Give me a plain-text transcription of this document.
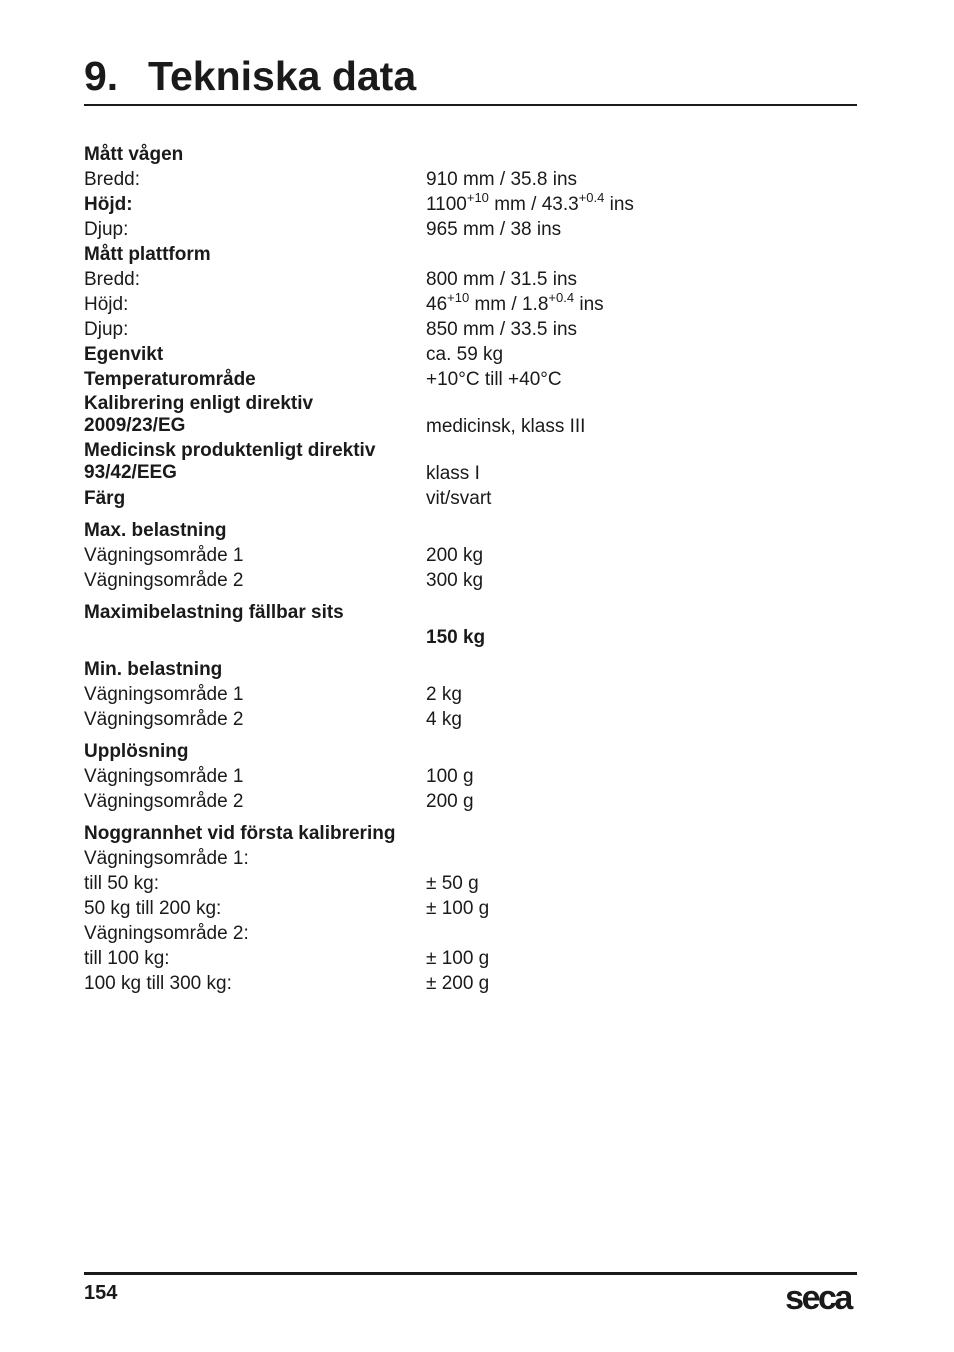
9. Tekniska data
Mått vågen
Bredd:	910 mm / 35.8 ins
Höjd:	$1100^{+10}$ mm / $43.3^{+0.4}$ ins
Djup:	965 mm / 38 ins
Mått plattform
Bredd:	800 mm / 31.5 ins
Höjd:	$46^{+10}$ mm / $1.8^{+0.4}$ ins
Djup:	850 mm / 33.5 ins
Egenvikt	ca. 59 kg
Temperaturområde	+10°C till +40°C
Kalibrering enligt direktiv
2009/23/EG	medicinsk, klass III
Medicinsk produktenligt direktiv
93/42/EEG	klass I
Färg	vit/svart
Max. belastning
Vägningsområde 1	200 kg
Vägningsområde 2	300 kg
Maximibelastning fällbar sits
150 kg
Min. belastning
Vägningsområde 1	2 kg
Vägningsområde 2	4 kg
Upplösning
Vägningsområde 1	100 g
Vägningsområde 2	200 g
Noggrannhet vid första kalibrering
Vägningsområde 1:
till 50 kg:	± 50 g
50 kg till 200 kg:	± 100 g
Vägningsområde 2:
till 100 kg:	± 100 g
100 kg till 300 kg:	± 200 g
154	seca
